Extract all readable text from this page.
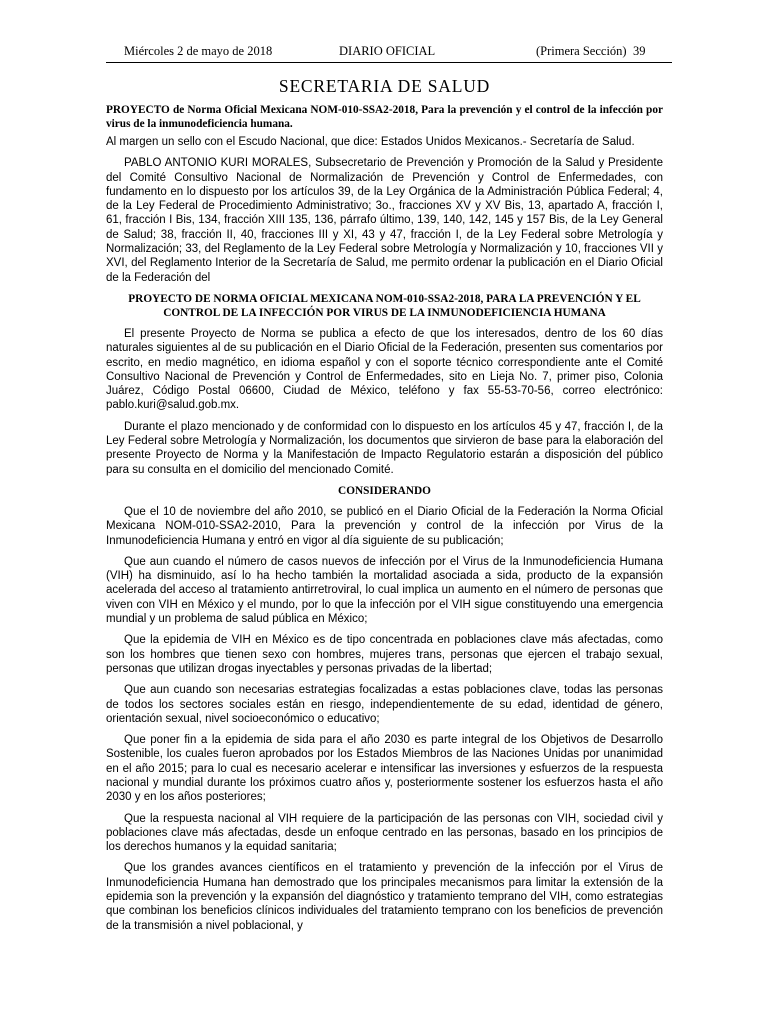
Miércoles 2 de mayo de 2018	DIARIO OFICIAL	(Primera Sección) 39
SECRETARIA DE SALUD
PROYECTO de Norma Oficial Mexicana NOM-010-SSA2-2018, Para la prevención y el control de la infección por virus de la inmunodeficiencia humana.

Al margen un sello con el Escudo Nacional, que dice: Estados Unidos Mexicanos.- Secretaría de Salud.

PABLO ANTONIO KURI MORALES, Subsecretario de Prevención y Promoción de la Salud y Presidente del Comité Consultivo Nacional de Normalización de Prevención y Control de Enfermedades, con fundamento en lo dispuesto por los artículos 39, de la Ley Orgánica de la Administración Pública Federal; 4, de la Ley Federal de Procedimiento Administrativo; 3o., fracciones XV y XV Bis, 13, apartado A, fracción I, 61, fracción I Bis, 134, fracción XIII 135, 136, párrafo último, 139, 140, 142, 145 y 157 Bis, de la Ley General de Salud; 38, fracción II, 40, fracciones III y XI, 43 y 47, fracción I, de la Ley Federal sobre Metrología y Normalización; 33, del Reglamento de la Ley Federal sobre Metrología y Normalización y 10, fracciones VII y XVI, del Reglamento Interior de la Secretaría de Salud, me permito ordenar la publicación en el Diario Oficial de la Federación del

PROYECTO DE NORMA OFICIAL MEXICANA NOM-010-SSA2-2018, PARA LA PREVENCIÓN Y EL CONTROL DE LA INFECCIÓN POR VIRUS DE LA INMUNODEFICIENCIA HUMANA

El presente Proyecto de Norma se publica a efecto de que los interesados, dentro de los 60 días naturales siguientes al de su publicación en el Diario Oficial de la Federación, presenten sus comentarios por escrito, en medio magnético, en idioma español y con el soporte técnico correspondiente ante el Comité Consultivo Nacional de Prevención y Control de Enfermedades, sito en Lieja No. 7, primer piso, Colonia Juárez, Código Postal 06600, Ciudad de México, teléfono y fax 55-53-70-56, correo electrónico: pablo.kuri@salud.gob.mx.

Durante el plazo mencionado y de conformidad con lo dispuesto en los artículos 45 y 47, fracción I, de la Ley Federal sobre Metrología y Normalización, los documentos que sirvieron de base para la elaboración del presente Proyecto de Norma y la Manifestación de Impacto Regulatorio estarán a disposición del público para su consulta en el domicilio del mencionado Comité.

CONSIDERANDO

Que el 10 de noviembre del año 2010, se publicó en el Diario Oficial de la Federación la Norma Oficial Mexicana NOM-010-SSA2-2010, Para la prevención y control de la infección por Virus de la Inmunodeficiencia Humana y entró en vigor al día siguiente de su publicación;

Que aun cuando el número de casos nuevos de infección por el Virus de la Inmunodeficiencia Humana (VIH) ha disminuido, así lo ha hecho también la mortalidad asociada a sida, producto de la expansión acelerada del acceso al tratamiento antirretroviral, lo cual implica un aumento en el número de personas que viven con VIH en México y el mundo, por lo que la infección por el VIH sigue constituyendo una emergencia mundial y un problema de salud pública en México;

Que la epidemia de VIH en México es de tipo concentrada en poblaciones clave más afectadas, como son los hombres que tienen sexo con hombres, mujeres trans, personas que ejercen el trabajo sexual, personas que utilizan drogas inyectables y personas privadas de la libertad;

Que aun cuando son necesarias estrategias focalizadas a estas poblaciones clave, todas las personas de todos los sectores sociales están en riesgo, independientemente de su edad, identidad de género, orientación sexual, nivel socioeconómico o educativo;

Que poner fin a la epidemia de sida para el año 2030 es parte integral de los Objetivos de Desarrollo Sostenible, los cuales fueron aprobados por los Estados Miembros de las Naciones Unidas por unanimidad en el año 2015; para lo cual es necesario acelerar e intensificar las inversiones y esfuerzos de la respuesta nacional y mundial durante los próximos cuatro años y, posteriormente sostener los esfuerzos hasta el año 2030 y en los años posteriores;

Que la respuesta nacional al VIH requiere de la participación de las personas con VIH, sociedad civil y poblaciones clave más afectadas, desde un enfoque centrado en las personas, basado en los principios de los derechos humanos y la equidad sanitaria;

Que los grandes avances científicos en el tratamiento y prevención de la infección por el Virus de Inmunodeficiencia Humana han demostrado que los principales mecanismos para limitar la extensión de la epidemia son la prevención y la expansión del diagnóstico y tratamiento temprano del VIH, como estrategias que combinan los beneficios clínicos individuales del tratamiento temprano con los beneficios de prevención de la transmisión a nivel poblacional, y
